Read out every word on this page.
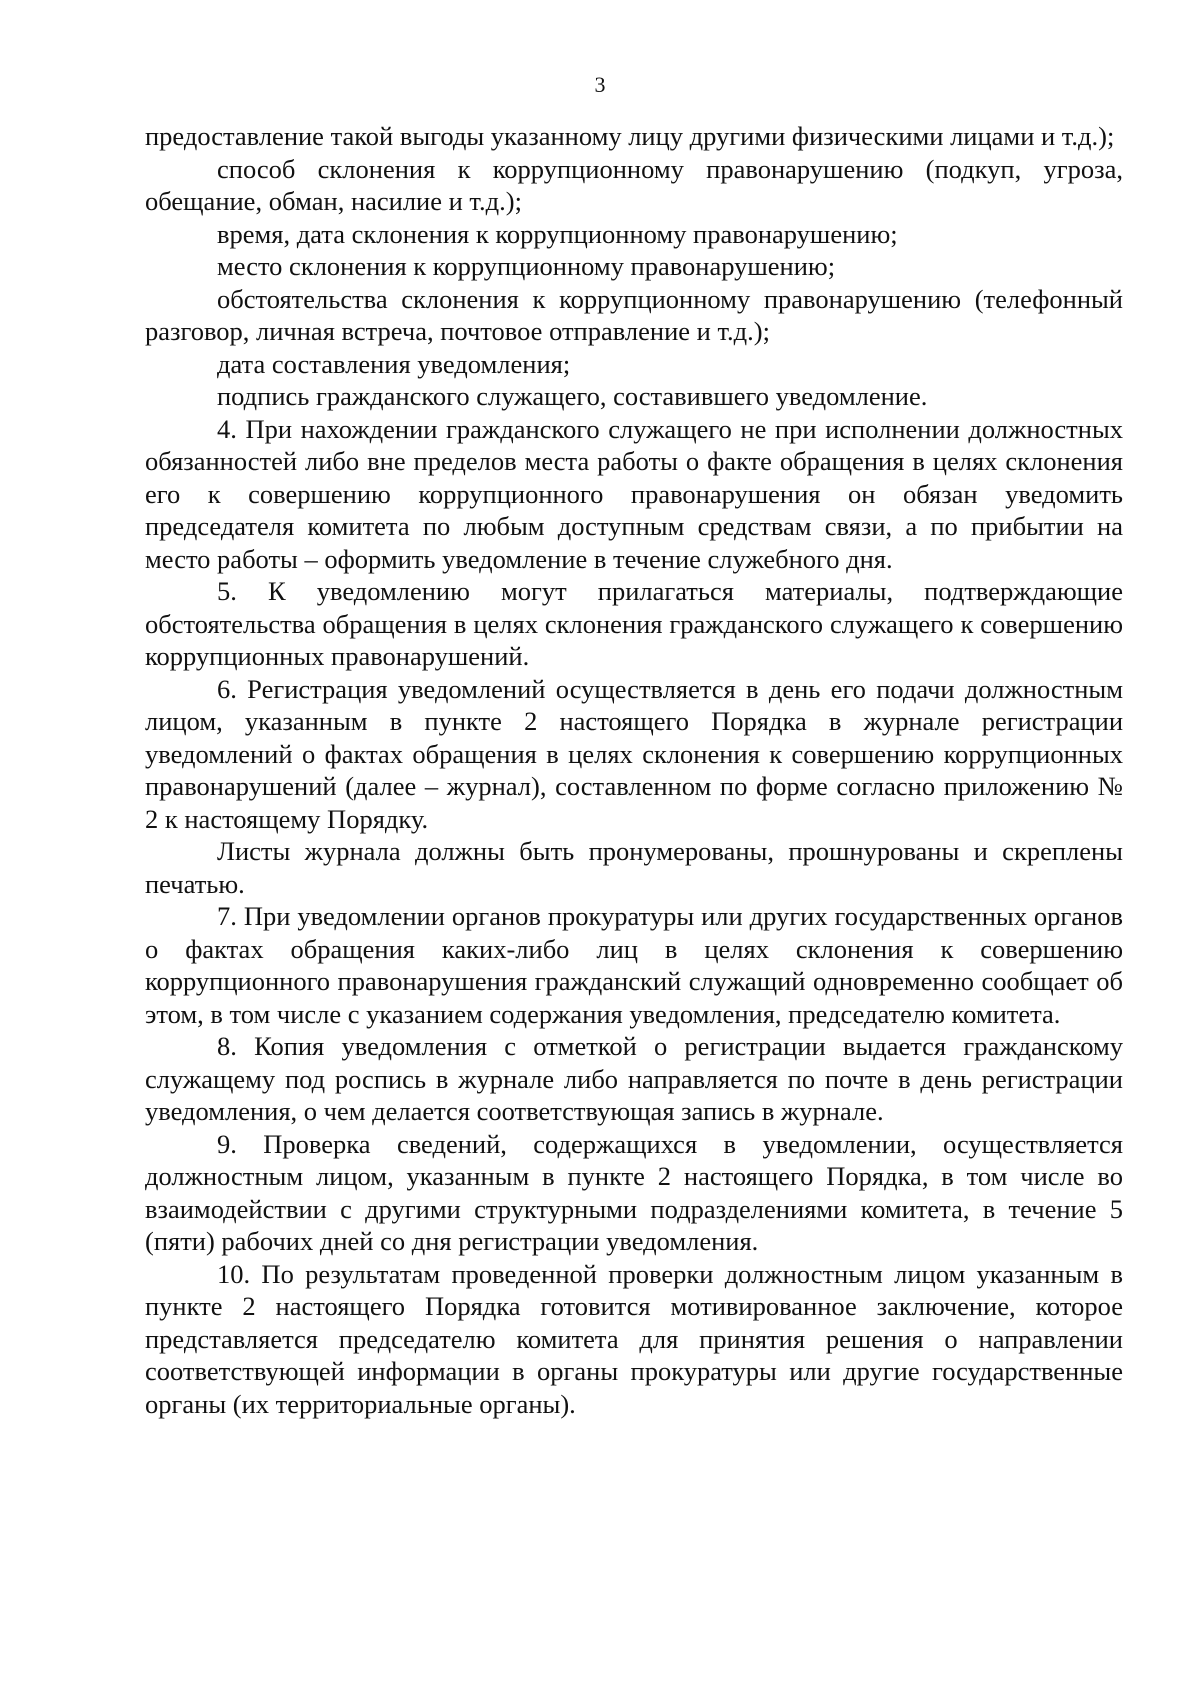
3

предоставление такой выгоды указанному лицу другими физическими лицами и т.д.);

способ склонения к коррупционному правонарушению (подкуп, угроза, обещание, обман, насилие и т.д.);

время, дата склонения к коррупционному правонарушению;

место склонения к коррупционному правонарушению;

обстоятельства склонения к коррупционному правонарушению (телефонный разговор, личная встреча, почтовое отправление и т.д.);

дата составления уведомления;

подпись гражданского служащего, составившего уведомление.

4. При нахождении гражданского служащего не при исполнении должностных обязанностей либо вне пределов места работы о факте обращения в целях склонения его к совершению коррупционного правонарушения он обязан уведомить председателя комитета по любым доступным средствам связи, а по прибытии на место работы – оформить уведомление в течение служебного дня.

5. К уведомлению могут прилагаться материалы, подтверждающие обстоятельства обращения в целях склонения гражданского служащего к совершению коррупционных правонарушений.

6. Регистрация уведомлений осуществляется в день его подачи должностным лицом, указанным в пункте 2 настоящего Порядка в журнале регистрации уведомлений о фактах обращения в целях склонения к совершению коррупционных правонарушений (далее – журнал), составленном по форме согласно приложению № 2 к настоящему Порядку.

Листы журнала должны быть пронумерованы, прошнурованы и скреплены печатью.

7. При уведомлении органов прокуратуры или других государственных органов о фактах обращения каких-либо лиц в целях склонения к совершению коррупционного правонарушения гражданский служащий одновременно сообщает об этом, в том числе с указанием содержания уведомления, председателю комитета.

8. Копия уведомления с отметкой о регистрации выдается гражданскому служащему под роспись в журнале либо направляется по почте в день регистрации уведомления, о чем делается соответствующая запись в журнале.

9. Проверка сведений, содержащихся в уведомлении, осуществляется должностным лицом, указанным в пункте 2 настоящего Порядка, в том числе во взаимодействии с другими структурными подразделениями комитета, в течение 5 (пяти) рабочих дней со дня регистрации уведомления.

10. По результатам проведенной проверки должностным лицом указанным в пункте 2 настоящего Порядка готовится мотивированное заключение, которое представляется председателю комитета для принятия решения о направлении соответствующей информации в органы прокуратуры или другие государственные органы (их территориальные органы).
